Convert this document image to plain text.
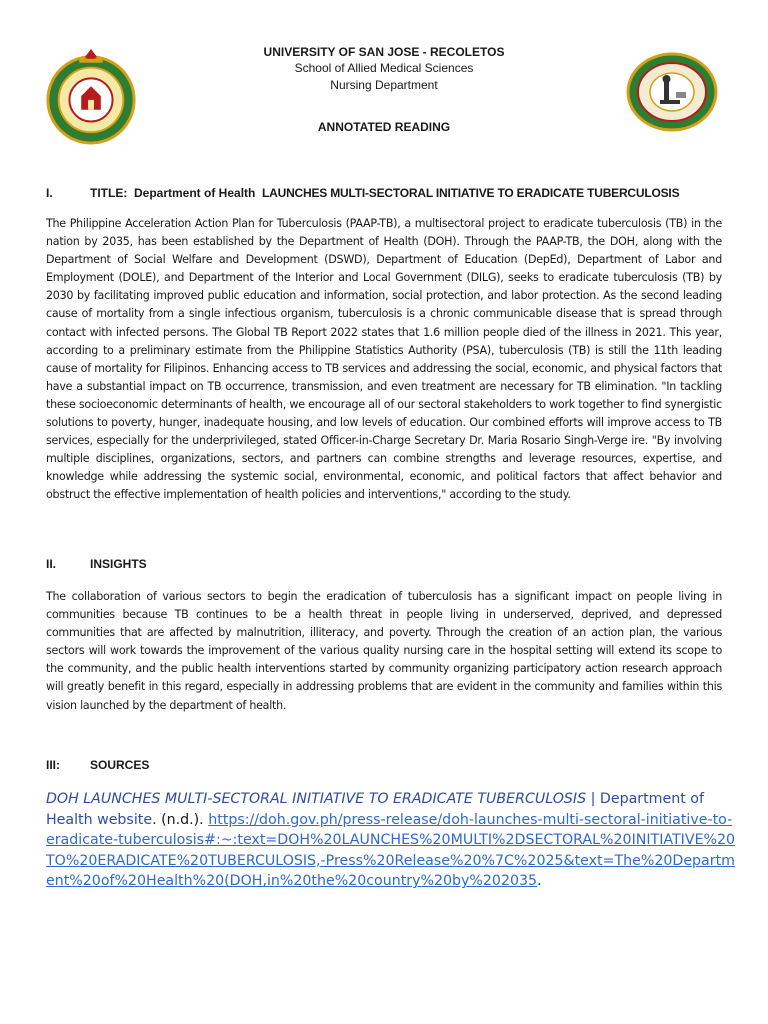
UNIVERSITY OF SAN JOSE - RECOLETOS
School of Allied Medical Sciences
Nursing Department
ANNOTATED READING
I.	TITLE: Department of Health LAUNCHES MULTI-SECTORAL INITIATIVE TO ERADICATE TUBERCULOSIS
The Philippine Acceleration Action Plan for Tuberculosis (PAAP-TB), a multisectoral project to eradicate tuberculosis (TB) in the nation by 2035, has been established by the Department of Health (DOH). Through the PAAP-TB, the DOH, along with the Department of Social Welfare and Development (DSWD), Department of Education (DepEd), Department of Labor and Employment (DOLE), and Department of the Interior and Local Government (DILG), seeks to eradicate tuberculosis (TB) by 2030 by facilitating improved public education and information, social protection, and labor protection. As the second leading cause of mortality from a single infectious organism, tuberculosis is a chronic communicable disease that is spread through contact with infected persons. The Global TB Report 2022 states that 1.6 million people died of the illness in 2021. This year, according to a preliminary estimate from the Philippine Statistics Authority (PSA), tuberculosis (TB) is still the 11th leading cause of mortality for Filipinos. Enhancing access to TB services and addressing the social, economic, and physical factors that have a substantial impact on TB occurrence, transmission, and even treatment are necessary for TB elimination. "In tackling these socioeconomic determinants of health, we encourage all of our sectoral stakeholders to work together to find synergistic solutions to poverty, hunger, inadequate housing, and low levels of education. Our combined efforts will improve access to TB services, especially for the underprivileged, stated Officer-in-Charge Secretary Dr. Maria Rosario Singh-Verge ire. "By involving multiple disciplines, organizations, sectors, and partners can combine strengths and leverage resources, expertise, and knowledge while addressing the systemic social, environmental, economic, and political factors that affect behavior and obstruct the effective implementation of health policies and interventions," according to the study.
II.	INSIGHTS
The collaboration of various sectors to begin the eradication of tuberculosis has a significant impact on people living in communities because TB continues to be a health threat in people living in underserved, deprived, and depressed communities that are affected by malnutrition, illiteracy, and poverty. Through the creation of an action plan, the various sectors will work towards the improvement of the various quality nursing care in the hospital setting will extend its scope to the community, and the public health interventions started by community organizing participatory action research approach will greatly benefit in this regard, especially in addressing problems that are evident in the community and families within this vision launched by the department of health.
III:	SOURCES
DOH LAUNCHES MULTI-SECTORAL INITIATIVE TO ERADICATE TUBERCULOSIS | Department of Health website. (n.d.). https://doh.gov.ph/press-release/doh-launches-multi-sectoral-initiative-to-eradicate-tuberculosis#:~:text=DOH%20LAUNCHES%20MULTI%2DSECTORAL%20INITIATIVE%20TO%20ERADICATE%20TUBERCULOSIS,-Press%20Release%20%7C%2025&text=The%20Department%20of%20Health%20(DOH,in%20the%20country%20by%202035.
